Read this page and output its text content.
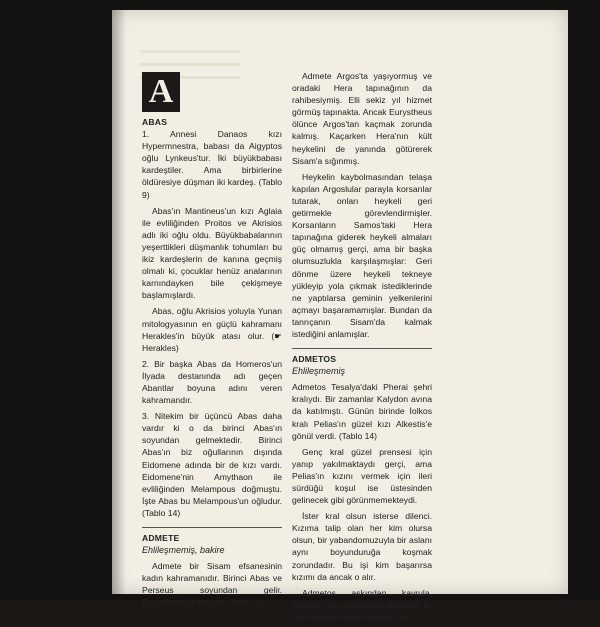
A
ABAS

1. Annesi Danaos kızı Hypermnestra, babası da Aigyptos oğlu Lynkeus'tur. İki büyükbabası kardeştiler. Ama birbirlerine öldüresiye düşman iki kardeş. (Tablo 9)

Abas'ın Mantineus'un kızı Aglaia ile evliliğinden Proitos ve Akrisios adlı iki oğlu oldu. Büyükbabalarının yeşerttikleri düşmanlık tohumları bu ikiz kardeşlerin de kanına geçmiş olmalı ki, çocuklar henüz analarının karnındayken bile çekişmeye başlamışlardı.

Abas, oğlu Akrisios yoluyla Yunan mitologyasının en güçlü kahramanı Herakles'in büyük atası olur. (☛ Herakles)

2. Bir başka Abas da Homeros'un İlyada destanında adı geçen Abantlar boyuna adını veren kahramandır.

3. Nitekim bir üçüncü Abas daha vardır ki o da birinci Abas'ın soyundan gelmektedir. Birinci Abas'ın biz oğullarının dışında Eidomene adında bir de kızı vardı. Eidomene'nin Amythaon ile evliliğinden Melampous doğmuştu. İşte Abas bu Melampous'un oğludur. (Tablo 14)

ADMETE
Ehlileşmemiş, bakire

Admete bir Sisam efsanesinin kadın kahramanıdır. Birinci Abas ve Perseus soyundan gelir. Eurystheus'un kızıydı. (Tablo 9)

Admete Argos'ta yaşıyormuş ve oradaki Hera tapınağının da rahibesiymiş. Elli sekiz yıl hizmet görmüş tapınakta. Ancak Eurystheus ölünce Argos'tan kaçmak zorunda kalmış. Kaçarken Hera'nın kült heykelini de yanında götürerek Sisam'a sığınmış.

Heykelin kaybolmasından telaşa kapılan Argoslular parayla korsanlar tutarak, onları heykeli geri getirmekle görevlendirmişler. Korsanların Samos'taki Hera tapınağına giderek heykeli almaları güç olmamış gerçi, ama bir başka olumsuzlukla karşılaşmışlar: Geri dönme üzere heykeli tekneye yükleyip yola çıkmak istediklerinde ne yaptılarsa geminin yelkenlerini açmayı başaramamışlar. Bundan da tanrıçanın Sisam'da kalmak istediğini anlamışlar.

ADMETOS
Ehlileşmemiş

Admetos Tesalya'daki Pherai şehri kralıydı. Bir zamanlar Kalydon avına da katılmıştı. Günün birinde İolkos kralı Pelias'ın güzel kızı Alkestis'e gönül verdi. (Tablo 14)

Genç kral güzel prensesi için yanıp yakılmaktaydı gerçi, ama Pelias'ın kızını vermek için ileri sürdüğü koşul ise üstesinden gelinecek gibi görünmemekteydi.

İster kral olsun isterse dilenci. Kızıma talip olan her kim olursa olsun, bir yabandomuzuyla bir aslanı aynı boyunduruğa koşmak zorundadır. Bu işi kim başarırsa kızımı da ancak o alır.

Admetos aşkından kavrula, kavrula mum gibi eriyip gidecekti ki, Tanrı Apollon yetişti yardımına
